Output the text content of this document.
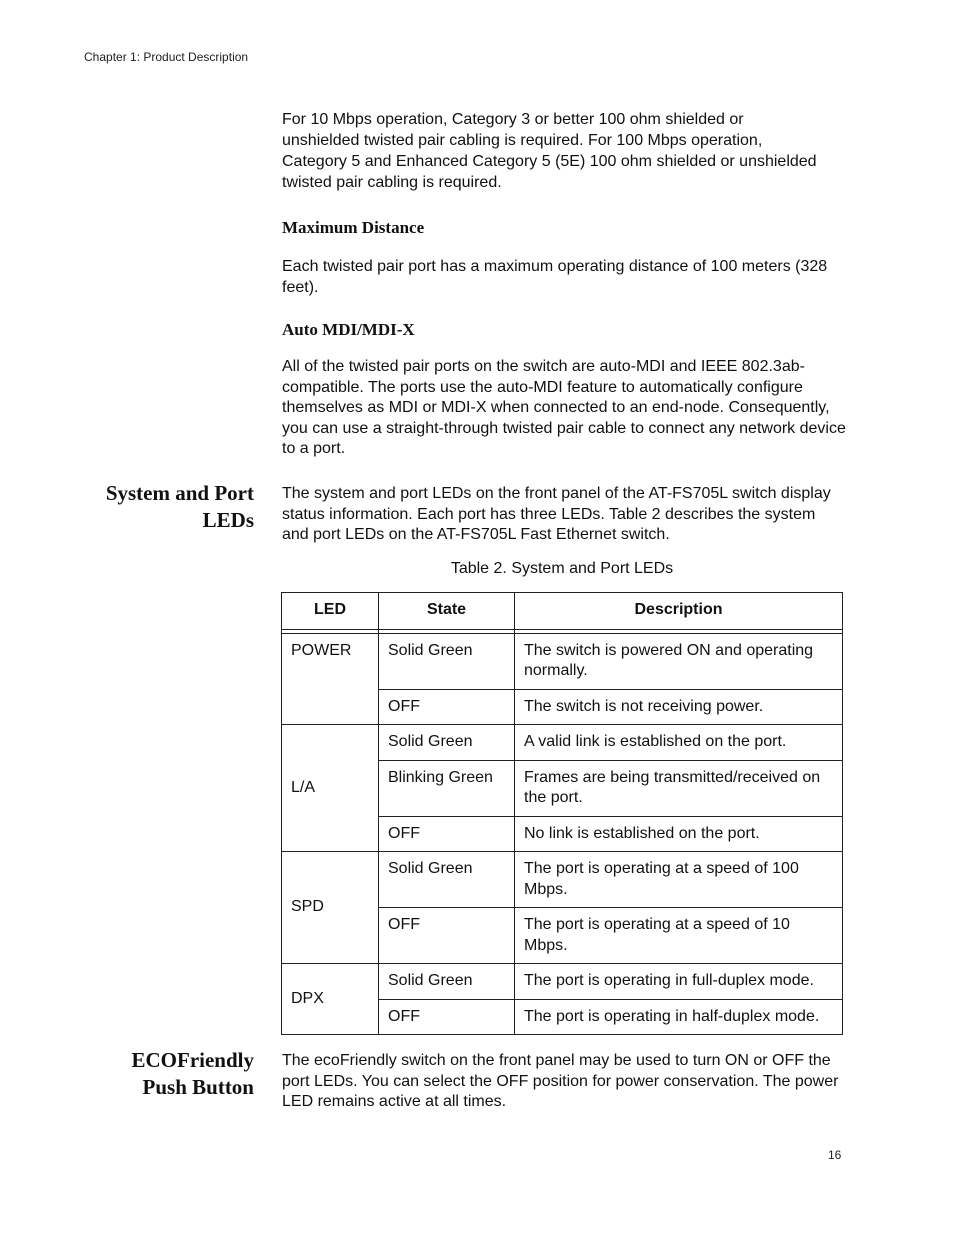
Chapter 1: Product Description
For 10 Mbps operation, Category 3 or better 100 ohm shielded or unshielded twisted pair cabling is required. For 100 Mbps operation, Category 5 and Enhanced Category 5 (5E) 100 ohm shielded or unshielded twisted pair cabling is required.
Maximum Distance
Each twisted pair port has a maximum operating distance of 100 meters (328 feet).
Auto MDI/MDI-X
All of the twisted pair ports on the switch are auto-MDI and IEEE 802.3ab-compatible. The ports use the auto-MDI feature to automatically configure themselves as MDI or MDI-X when connected to an end-node. Consequently, you can use a straight-through twisted pair cable to connect any network device to a port.
System and Port
LEDs
The system and port LEDs on the front panel of the AT-FS705L switch display status information. Each port has three LEDs. Table 2 describes the system and port LEDs on the AT-FS705L Fast Ethernet switch.
Table 2. System and Port LEDs
LED	State	Description

POWER	Solid Green	The switch is powered ON and operating normally.
	OFF	The switch is not receiving power.
L/A	Solid Green	A valid link is established on the port.
	Blinking Green	Frames are being transmitted/received on the port.
	OFF	No link is established on the port.
SPD	Solid Green	The port is operating at a speed of 100 Mbps.
	OFF	The port is operating at a speed of 10 Mbps.
DPX	Solid Green	The port is operating in full-duplex mode.
	OFF	The port is operating in half-duplex mode.
ECOFriendly
Push Button
The ecoFriendly switch on the front panel may be used to turn ON or OFF the port LEDs. You can select the OFF position for power conservation. The power LED remains active at all times.
16
